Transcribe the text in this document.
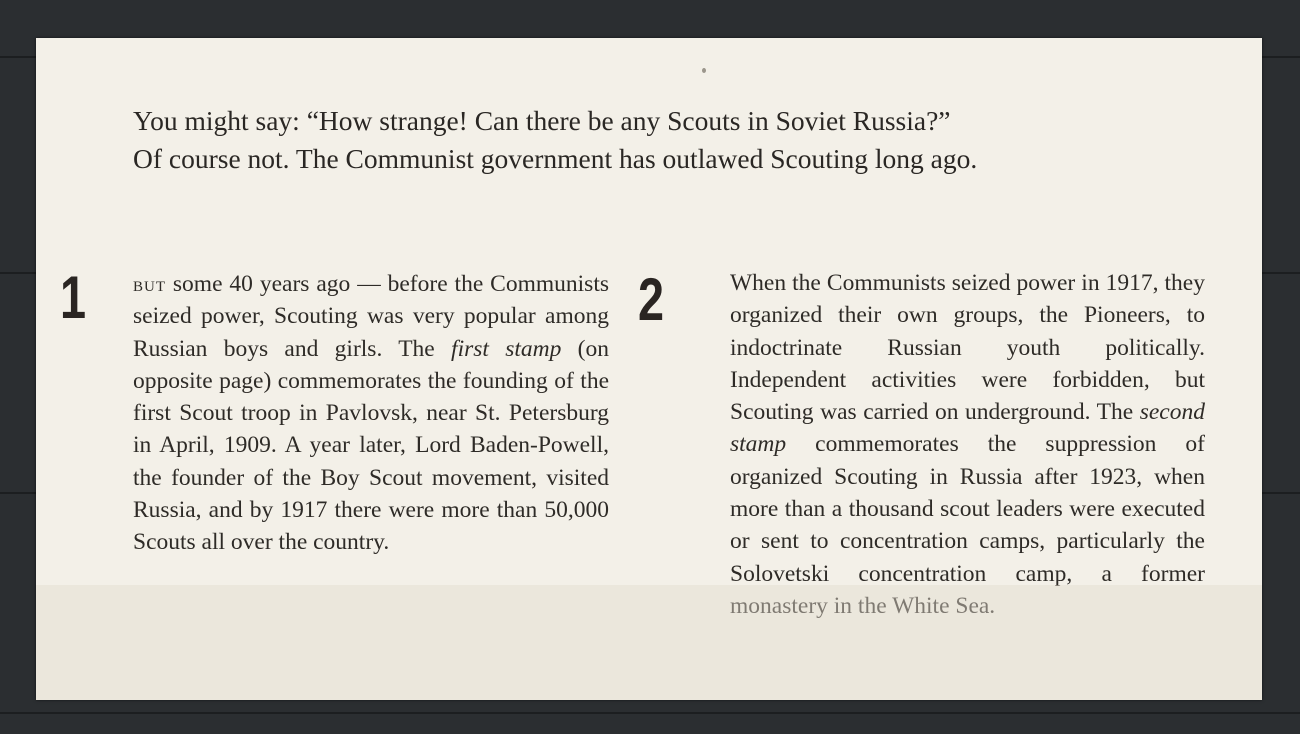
You might say: “How strange! Can there be any Scouts in Soviet Russia?”

Of course not. The Communist government has outlawed Scouting long ago.

1 but some 40 years ago — before the Communists seized power, Scouting was very popular among Russian boys and girls. The first stamp (on opposite page) commemorates the founding of the first Scout troop in Pavlovsk, near St. Petersburg in April, 1909. A year later, Lord Baden-Powell, the founder of the Boy Scout movement, visited Russia, and by 1917 there were more than 50,000 Scouts all over the country.

2	When the Communists seized power in 1917, they organized their own groups, the Pioneers, to indoctrinate Russian youth politically. Independent activities were forbidden, but Scouting was carried on underground. The second stamp commemorates the suppression of organized Scouting in Russia after 1923, when more than a thousand scout leaders were executed or sent to concentration camps, particularly the Solovetski concentration camp, a former monastery in the White Sea.
